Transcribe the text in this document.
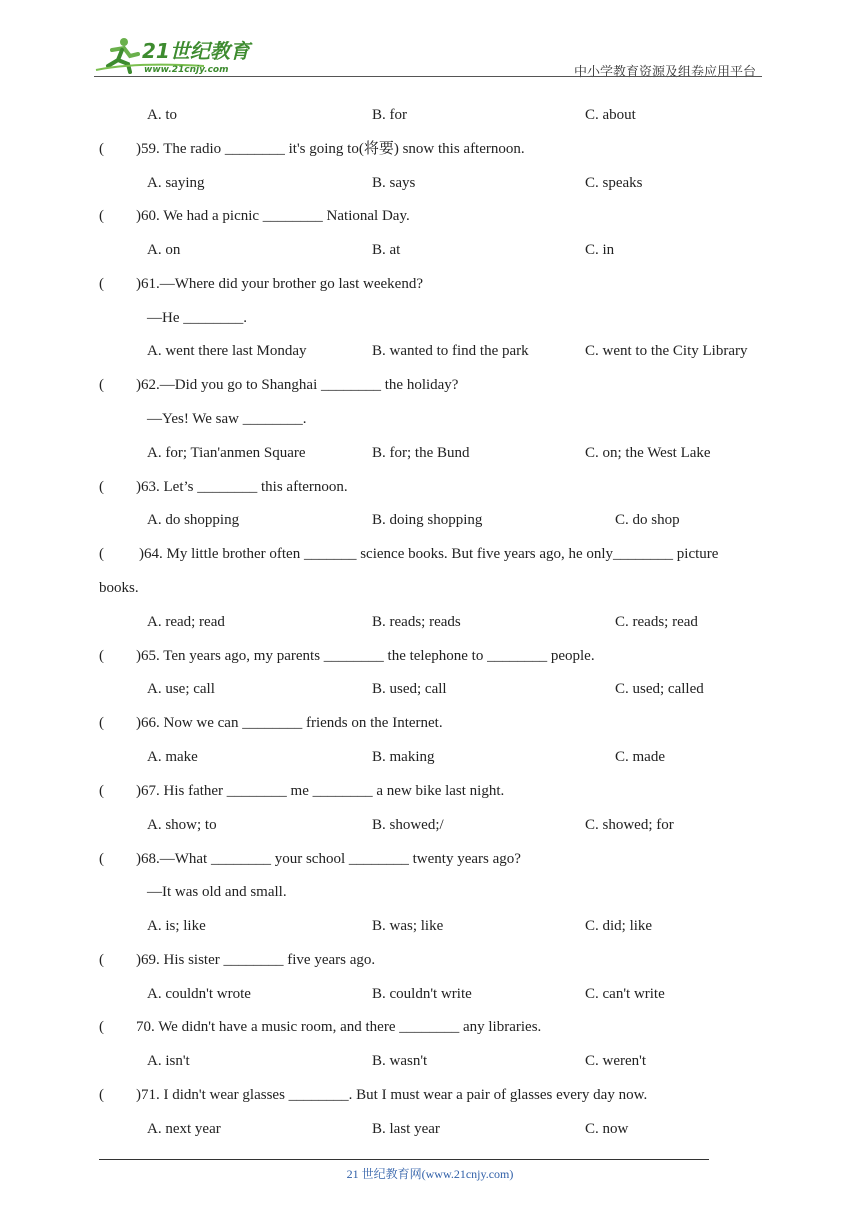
21世纪教育
www.21cnjy.com	中小学教育资源及组卷应用平台
A. to	B. for	C. about
( )59. The radio ________ it's going to(将要) snow this afternoon.
A. saying	B. says	C. speaks
( )60. We had a picnic ________ National Day.
A. on	B. at	C. in
( )61.—Where did your brother go last weekend?
—He ________.
A. went there last Monday	B. wanted to find the park	C. went to the City Library
( )62.—Did you go to Shanghai ________ the holiday?
—Yes! We saw ________.
A. for; Tian'anmen Square	B. for; the Bund	C. on; the West Lake
( )63. Let’s ________ this afternoon.
A. do shopping	B. doing shopping	C. do shop
( )64. My little brother often _______ science books. But five years ago, he only________ picture
books.
A. read; read	B. reads; reads	C. reads; read
( )65. Ten years ago, my parents ________ the telephone to ________ people.
A. use; call	B. used; call	C. used; called
( )66. Now we can ________ friends on the Internet.
A. make	B. making	C. made
( )67. His father ________ me ________ a new bike last night.
A. show; to	B. showed;/	C. showed; for
( )68.—What ________ your school ________ twenty years ago?
—It was old and small.
A. is; like	B. was; like	C. did; like
( )69. His sister ________ five years ago.
A. couldn't wrote	B. couldn't write	C. can't write
( 70. We didn't have a music room, and there ________ any libraries.
A. isn't	B. wasn't	C. weren't
( )71. I didn't wear glasses ________. But I must wear a pair of glasses every day now.
A. next year	B. last year	C. now
21 世纪教育网(www.21cnjy.com)
